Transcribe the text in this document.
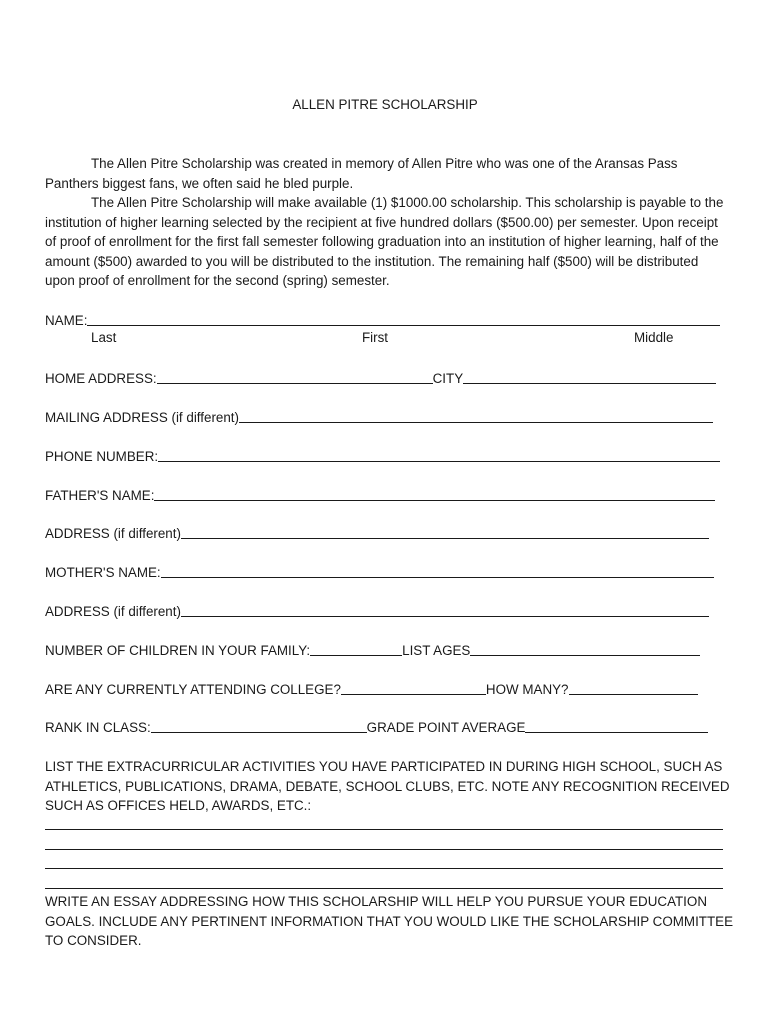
ALLEN PITRE SCHOLARSHIP

The Allen Pitre Scholarship was created in memory of Allen Pitre who was one of the Aransas Pass Panthers biggest fans, we often said he bled purple.

The Allen Pitre Scholarship will make available (1) $1000.00 scholarship. This scholarship is payable to the institution of higher learning selected by the recipient at five hundred dollars ($500.00) per semester. Upon receipt of proof of enrollment for the first fall semester following graduation into an institution of higher learning, half of the amount ($500) awarded to you will be distributed to the institution. The remaining half ($500) will be distributed upon proof of enrollment for the second (spring) semester.

NAME:
Last	First	Middle
HOME ADDRESS:	CITY
MAILING ADDRESS (if different)
PHONE NUMBER:
FATHER'S NAME:
ADDRESS (if different)
MOTHER'S NAME:
ADDRESS (if different)
NUMBER OF CHILDREN IN YOUR FAMILY:	LIST AGES
ARE ANY CURRENTLY ATTENDING COLLEGE?	HOW MANY?
RANK IN CLASS:	GRADE POINT AVERAGE

LIST THE EXTRACURRICULAR ACTIVITIES YOU HAVE PARTICIPATED IN DURING HIGH SCHOOL, SUCH AS ATHLETICS, PUBLICATIONS, DRAMA, DEBATE, SCHOOL CLUBS, ETC. NOTE ANY RECOGNITION RECEIVED SUCH AS OFFICES HELD, AWARDS, ETC.:

WRITE AN ESSAY ADDRESSING HOW THIS SCHOLARSHIP WILL HELP YOU PURSUE YOUR EDUCATION GOALS. INCLUDE ANY PERTINENT INFORMATION THAT YOU WOULD LIKE THE SCHOLARSHIP COMMITTEE TO CONSIDER.
